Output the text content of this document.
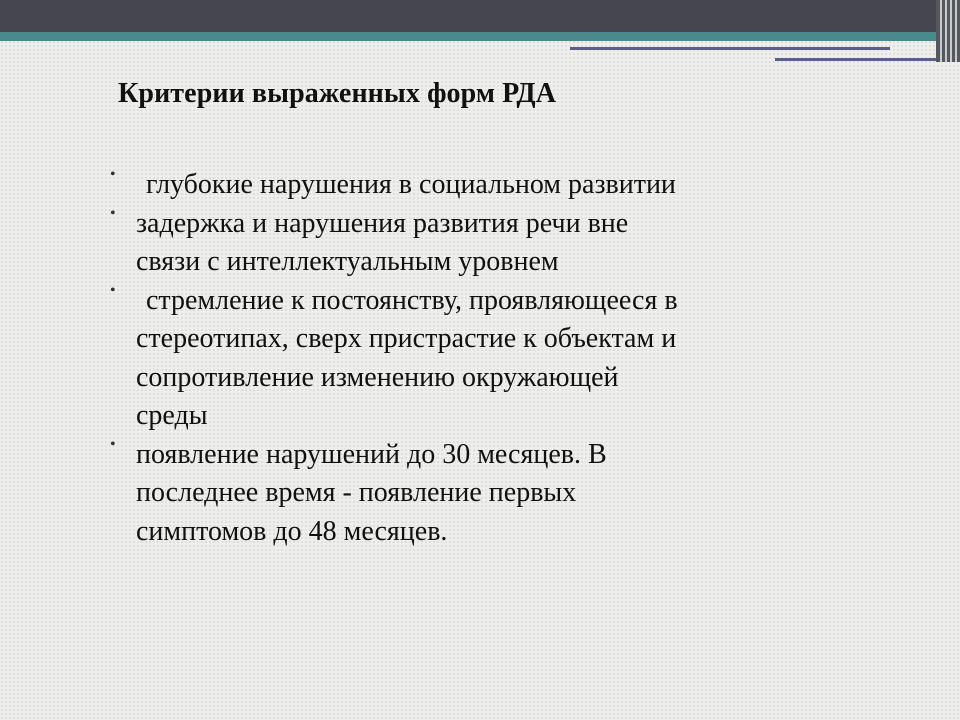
Критерии выраженных форм РДА
•	глубокие нарушения в социальном развитии
• задержка и нарушения развития речи вне
связи с интеллектуальным уровнем
•	стремление к постоянству, проявляющееся в
стереотипах, сверх пристрастие к объектам и
сопротивление изменению окружающей
среды
• появление нарушений до 30 месяцев. В
последнее время - появление первых
симптомов до 48 месяцев.
